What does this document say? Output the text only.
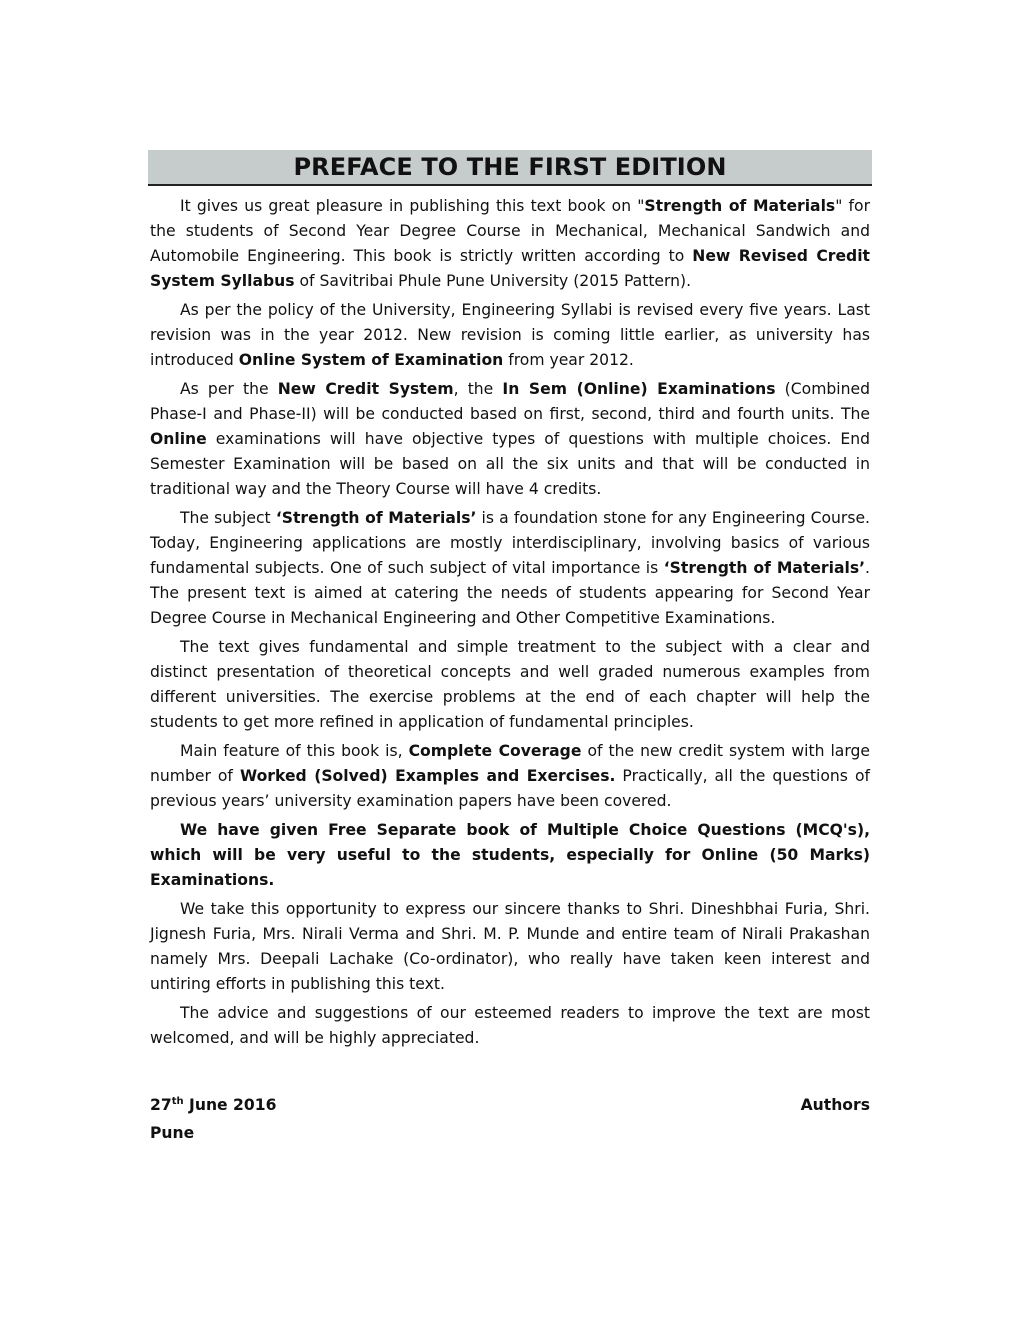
PREFACE TO THE FIRST EDITION

It gives us great pleasure in publishing this text book on "Strength of Materials" for the students of Second Year Degree Course in Mechanical, Mechanical Sandwich and Automobile Engineering. This book is strictly written according to New Revised Credit System Syllabus of Savitribai Phule Pune University (2015 Pattern).

As per the policy of the University, Engineering Syllabi is revised every five years. Last revision was in the year 2012. New revision is coming little earlier, as university has introduced Online System of Examination from year 2012.

As per the New Credit System, the In Sem (Online) Examinations (Combined Phase-I and Phase-II) will be conducted based on first, second, third and fourth units. The Online examinations will have objective types of questions with multiple choices. End Semester Examination will be based on all the six units and that will be conducted in traditional way and the Theory Course will have 4 credits.

The subject ‘Strength of Materials’ is a foundation stone for any Engineering Course. Today, Engineering applications are mostly interdisciplinary, involving basics of various fundamental subjects. One of such subject of vital importance is ‘Strength of Materials’. The present text is aimed at catering the needs of students appearing for Second Year Degree Course in Mechanical Engineering and Other Competitive Examinations.

The text gives fundamental and simple treatment to the subject with a clear and distinct presentation of theoretical concepts and well graded numerous examples from different universities. The exercise problems at the end of each chapter will help the students to get more refined in application of fundamental principles.

Main feature of this book is, Complete Coverage of the new credit system with large number of Worked (Solved) Examples and Exercises. Practically, all the questions of previous years’ university examination papers have been covered.

We have given Free Separate book of Multiple Choice Questions (MCQ's), which will be very useful to the students, especially for Online (50 Marks) Examinations.

We take this opportunity to express our sincere thanks to Shri. Dineshbhai Furia, Shri. Jignesh Furia, Mrs. Nirali Verma and Shri. M. P. Munde and entire team of Nirali Prakashan namely Mrs. Deepali Lachake (Co-ordinator), who really have taken keen interest and untiring efforts in publishing this text.

The advice and suggestions of our esteemed readers to improve the text are most welcomed, and will be highly appreciated.

27th June 2016	Authors
Pune
